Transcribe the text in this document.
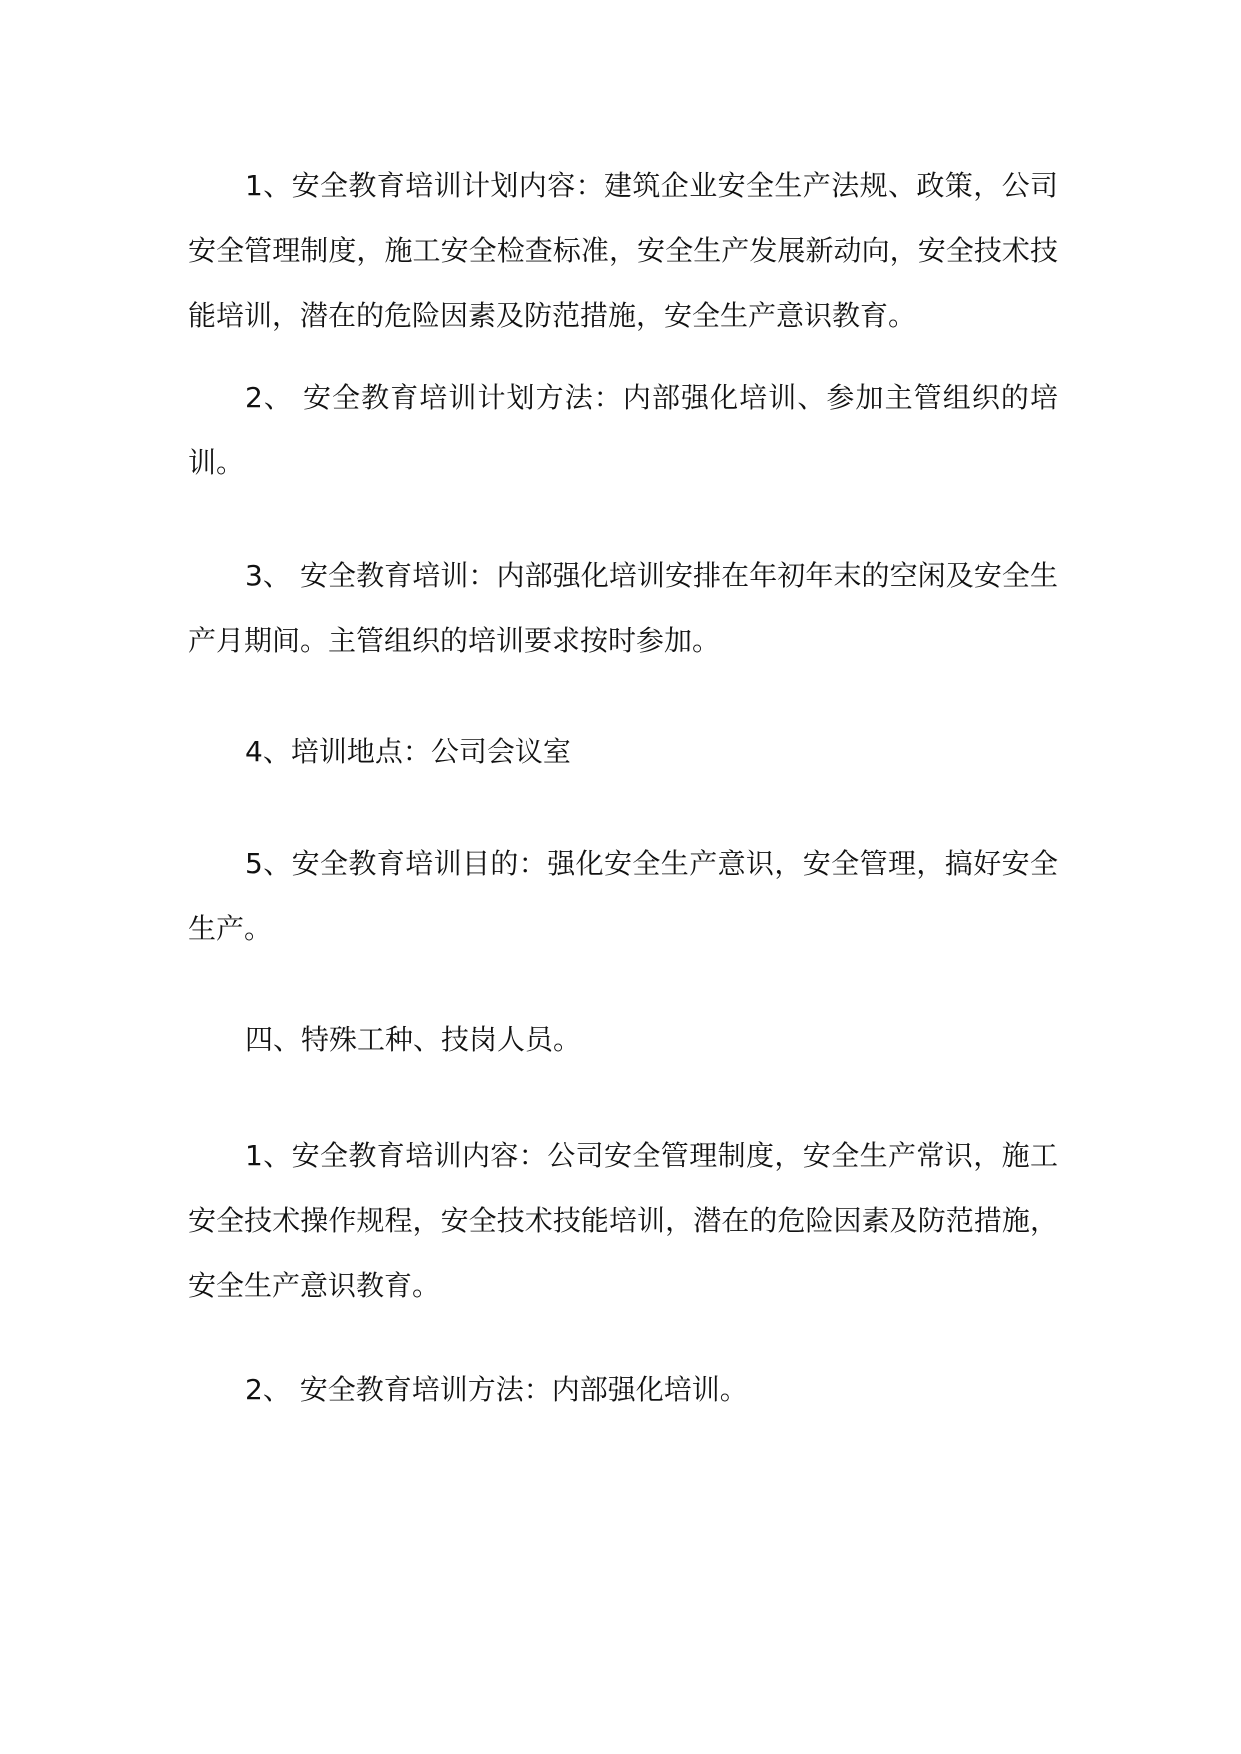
1、安全教育培训计划内容：建筑企业安全生产法规、政策，公司安全管理制度，施工安全检查标准，安全生产发展新动向，安全技术技能培训，潜在的危险因素及防范措施，安全生产意识教育。

2、 安全教育培训计划方法：内部强化培训、参加主管组织的培训。

3、 安全教育培训：内部强化培训安排在年初年末的空闲及安全生产月期间。主管组织的培训要求按时参加。

4、培训地点：公司会议室

5、安全教育培训目的：强化安全生产意识，安全管理，搞好安全生产。

四、特殊工种、技岗人员。

1、安全教育培训内容：公司安全管理制度，安全生产常识，施工安全技术操作规程，安全技术技能培训，潜在的危险因素及防范措施，安全生产意识教育。

2、 安全教育培训方法：内部强化培训。
